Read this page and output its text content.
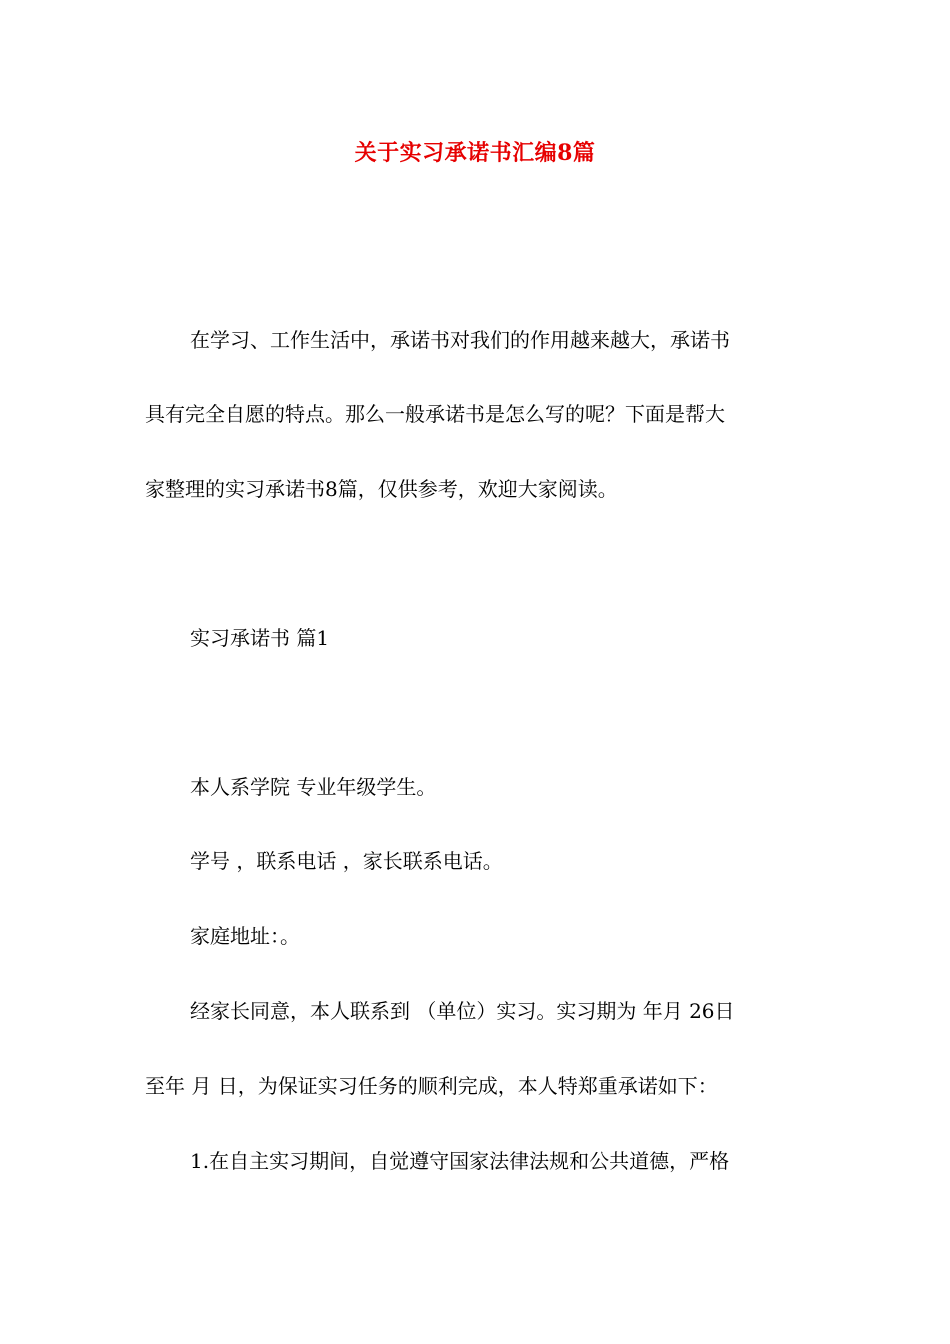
关于实习承诺书汇编8篇
在学习、工作生活中，承诺书对我们的作用越来越大，承诺书
具有完全自愿的特点。那么一般承诺书是怎么写的呢？下面是帮大
家整理的实习承诺书8篇，仅供参考，欢迎大家阅读。
实习承诺书 篇1
本人系学院 专业年级学生。
学号 ，联系电话 ，家长联系电话。
家庭地址：。
经家长同意，本人联系到 （单位）实习。实习期为 年月 26日
至年 月 日，为保证实习任务的顺利完成，本人特郑重承诺如下：
1.在自主实习期间，自觉遵守国家法律法规和公共道德，严格
